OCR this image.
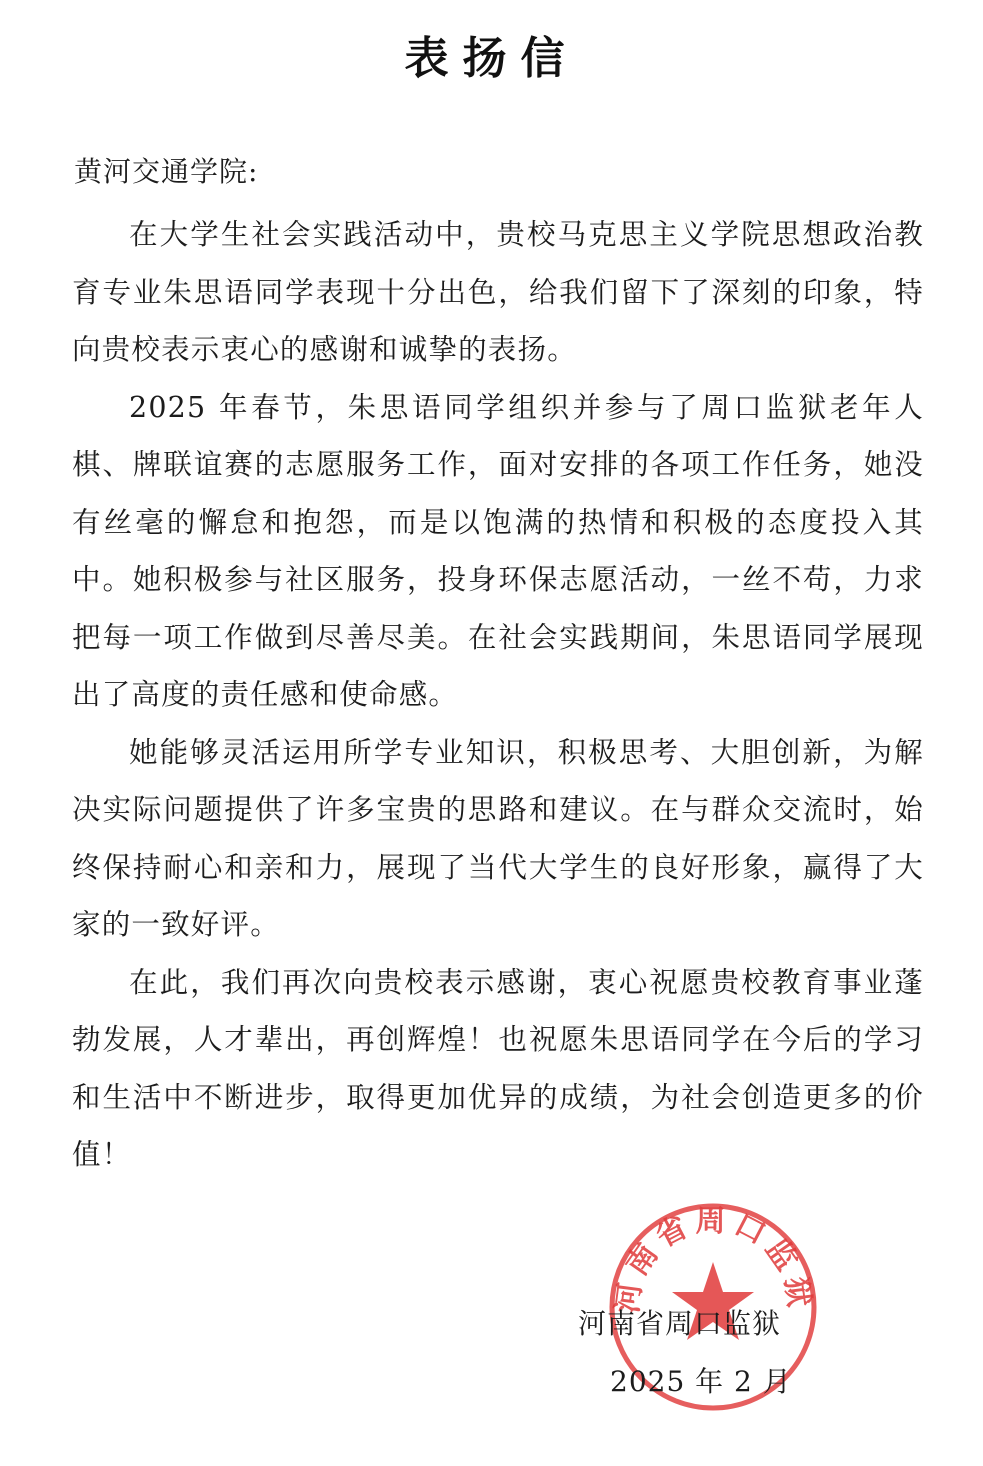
表扬信
黄河交通学院:

在大学生社会实践活动中，贵校马克思主义学院思想政治教育专业朱思语同学表现十分出色，给我们留下了深刻的印象，特向贵校表示衷心的感谢和诚挚的表扬。

2025 年春节，朱思语同学组织并参与了周口监狱老年人棋、牌联谊赛的志愿服务工作，面对安排的各项工作任务，她没有丝毫的懈怠和抱怨，而是以饱满的热情和积极的态度投入其中。她积极参与社区服务，投身环保志愿活动，一丝不苟，力求把每一项工作做到尽善尽美。在社会实践期间，朱思语同学展现出了高度的责任感和使命感。

她能够灵活运用所学专业知识，积极思考、大胆创新，为解决实际问题提供了许多宝贵的思路和建议。在与群众交流时，始终保持耐心和亲和力，展现了当代大学生的良好形象，赢得了大家的一致好评。

在此，我们再次向贵校表示感谢，衷心祝愿贵校教育事业蓬勃发展，人才辈出，再创辉煌！也祝愿朱思语同学在今后的学习和生活中不断进步，取得更加优异的成绩，为社会创造更多的价值！

河南省周口监狱
河南省周口监狱
2025 年 2 月
